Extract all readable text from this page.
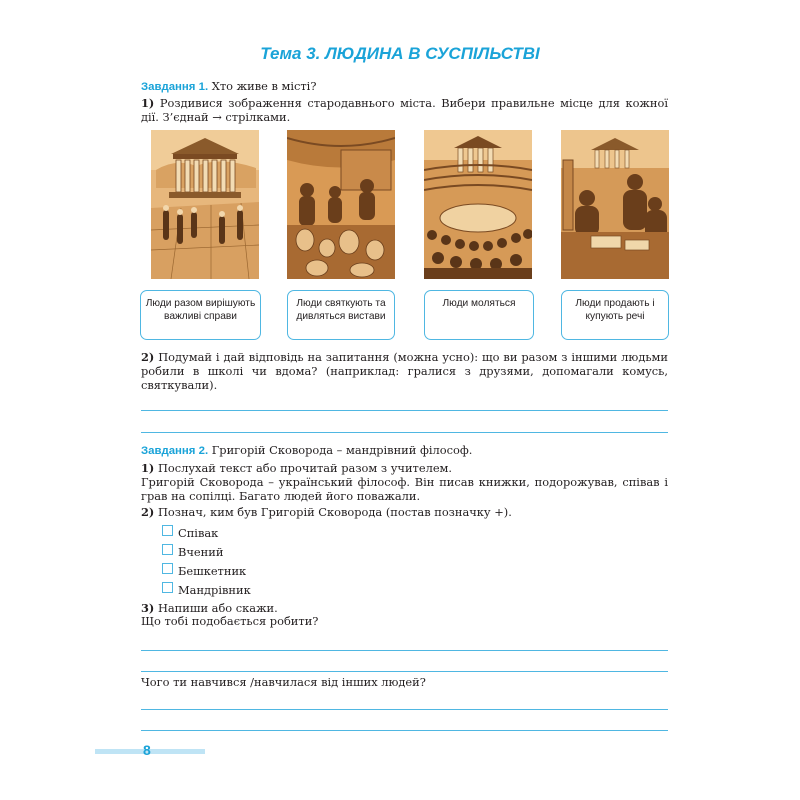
Тема 3. ЛЮДИНА В СУСПІЛЬСТВІ
Завдання 1. Хто живе в місті?
1) Роздивися зображення стародавнього міста. Вибери правильне місце для кожної дії. З’єднай → стрілками.
Люди разом вирішують важливі справи
Люди святкують та дивляться вистави
Люди моляться	Люди продають і купують речі
2) Подумай і дай відповідь на запитання (можна усно): що ви разом з іншими людьми робили в школі чи вдома? (наприклад: гралися з друзями, допомагали комусь, святкували).
Завдання 2. Григорій Сковорода – мандрівний філософ.
1) Послухай текст або прочитай разом з учителем.
Григорій Сковорода – український філософ. Він писав книжки, подорожував, співав і грав на сопілці. Багато людей його поважали.
2) Познач, ким був Григорій Сковорода (постав позначку +).
Співак
Вчений
Бешкетник
Мандрівник
3) Напиши або скажи.
Що тобі подобається робити?
Чого ти навчився /навчилася від інших людей?
8
